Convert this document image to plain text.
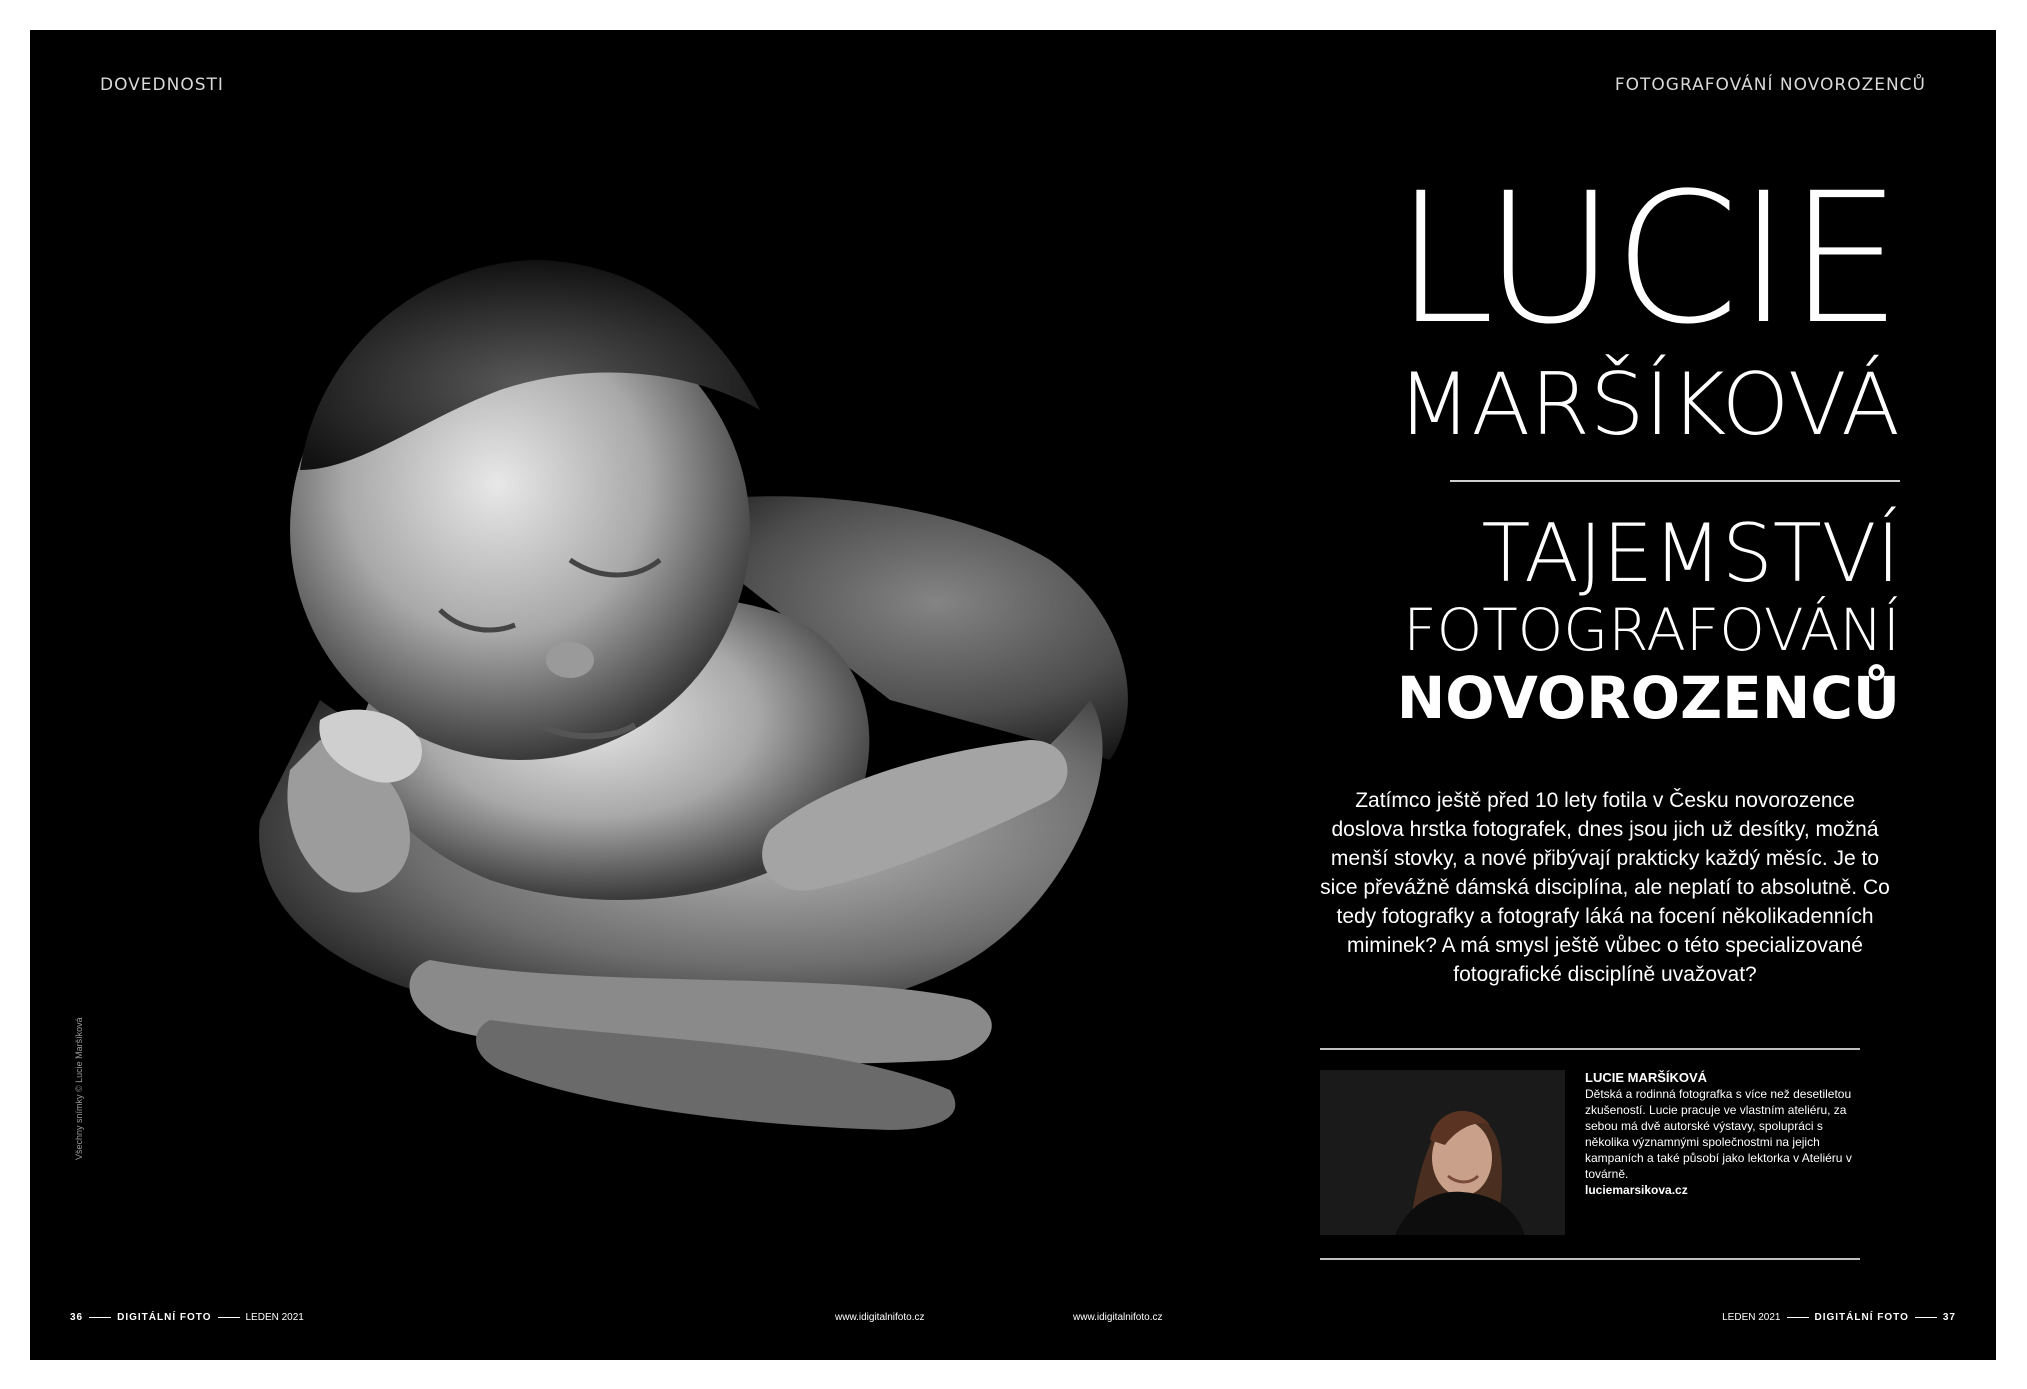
DOVEDNOSTI	FOTOGRAFOVÁNÍ NOVOROZENCŮ
Všechny snímky © Lucie Maršíková
LUCIE
MARŠÍKOVÁ
TAJEMSTVÍ
FOTOGRAFOVÁNÍ
NOVOROZENCŮ

Zatímco ještě před 10 lety fotila v Česku novorozence doslova hrstka fotografek, dnes jsou jich už desítky, možná menší stovky, a nové přibývají prakticky každý měsíc. Je to sice převážně dámská disciplína, ale neplatí to absolutně. Co tedy fotografky a fotografy láká na focení několikadenních miminek? A má smysl ještě vůbec o této specializované fotografické disciplíně uvažovat?

LUCIE MARŠÍKOVÁ
Dětská a rodinná fotografka s více než desetiletou zkušeností. Lucie pracuje ve vlastním ateliéru, za sebou má dvě autorské výstavy, spolupráci s několika významnými společnostmi na jejich kampaních a také působí jako lektorka v Ateliéru v továrně.
luciemarsikova.cz
36	DIGITÁLNÍ FOTO	LEDEN 2021	www.idigitalnifoto.cz	www.idigitalnifoto.cz	LEDEN 2021	DIGITÁLNÍ FOTO	37
